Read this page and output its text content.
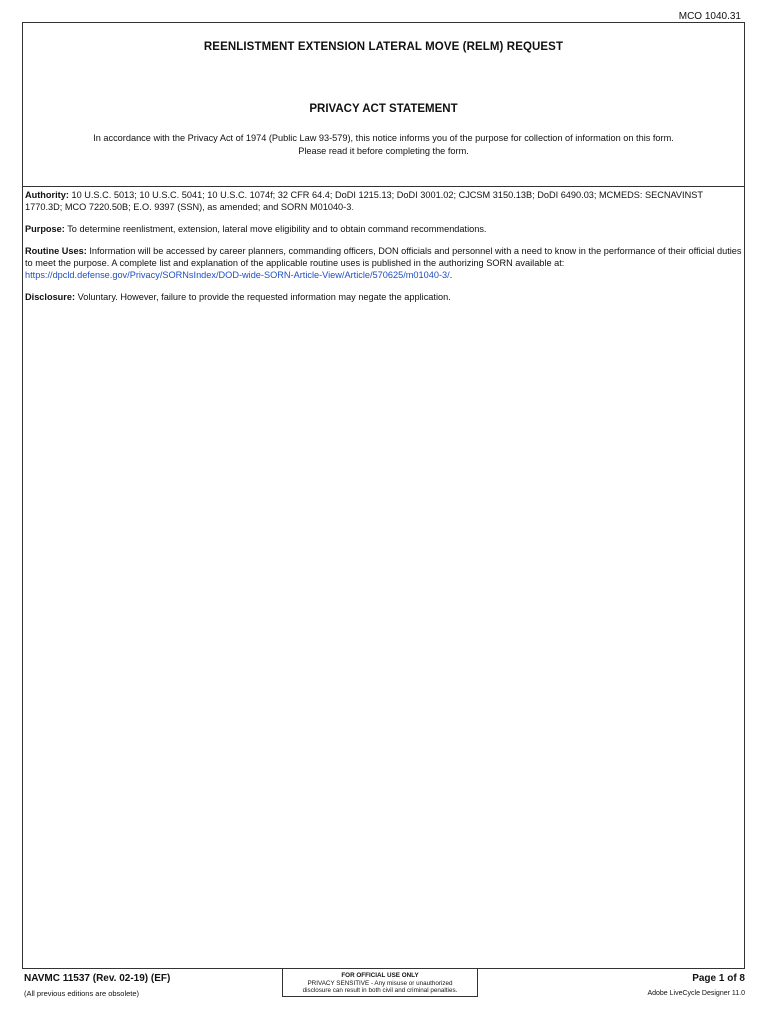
MCO 1040.31
REENLISTMENT EXTENSION LATERAL MOVE (RELM) REQUEST
PRIVACY ACT STATEMENT
In accordance with the Privacy Act of 1974 (Public Law 93-579), this notice informs you of the purpose for collection of information on this form.
Please read it before completing the form.

Authority: 10 U.S.C. 5013; 10 U.S.C. 5041; 10 U.S.C. 1074f; 32 CFR 64.4; DoDI 1215.13; DoDI 3001.02; CJCSM 3150.13B; DoDI 6490.03; MCMEDS: SECNAVINST 1770.3D; MCO 7220.50B; E.O. 9397 (SSN), as amended; and SORN M01040-3.

Purpose: To determine reenlistment, extension, lateral move eligibility and to obtain command recommendations.

Routine Uses: Information will be accessed by career planners, commanding officers, DON officials and personnel with a need to know in the performance of their official duties to meet the purpose. A complete list and explanation of the applicable routine uses is published in the authorizing SORN available at: https://dpcld.defense.gov/Privacy/SORNsIndex/DOD-wide-SORN-Article-View/Article/570625/m01040-3/.

Disclosure: Voluntary. However, failure to provide the requested information may negate the application.

NAVMC 11537 (Rev. 02-19) (EF)
(All previous editions are obsolete)
FOR OFFICIAL USE ONLY
PRIVACY SENSITIVE - Any misuse or unauthorized
disclosure can result in both civil and criminal penalties.
Page 1 of 8
Adobe LiveCycle Designer 11.0
